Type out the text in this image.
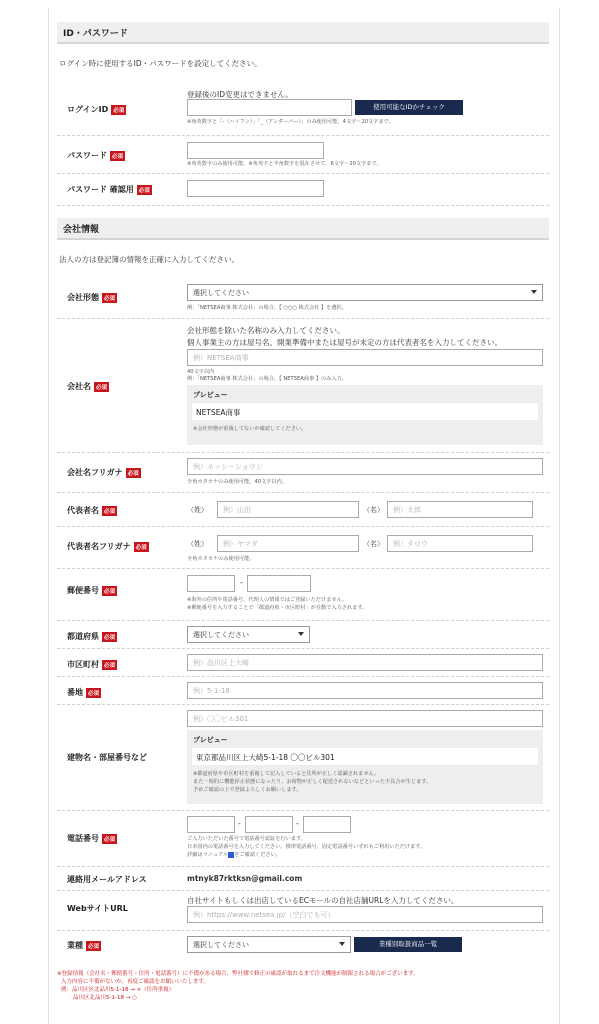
ID・パスワード
ログイン時に使用するID・パスワードを設定してください。
ログインID 必須
登録後のID変更はできません。
使用可能なIDかチェック
※角英数字と「-（ハイフン）」「_（アンダーバー）」のみ使用可能。4文字〜20文字まで。
パスワード 必須
※角英数字のみ使用可能。※角英字と半角数字を混在させて、6文字〜20文字まで。
パスワード 確認用 必須
会社情報
法人の方は登記簿の情報を正確に入力してください。
会社形態 必須
選択してください
例：「NETSEA商事 株式会社」の場合、【 ○○○ 株式会社 】を選択。
会社名 必須
会社形態を除いた名称のみ入力してください。
個人事業主の方は屋号名、開業準備中または屋号が未定の方は代表者名を入力してください。
例）NETSEA商事
40文字以内
例：「NETSEA商事 株式会社」の場合、【 NETSEA商事 】のみ入力。
プレビュー
NETSEA商事
※会社形態が重複してないか確認してください。
会社名フリガナ 必須
例）ネッシーショウジ
全角カタカナのみ使用可能。40文字以内。
代表者名 必須	（姓）	例）山田	（名）	例）太郎
代表者名フリガナ 必須	（姓）	例）ヤマダ	（名）	例）タロウ
全角カタカナのみ使用可能。
郵便番号 必須
-
※海外の住所や電話番号、代理人の情報ではご登録いただけません。
※郵便番号を入力することで「都道府県・市区町村」が自動で入力されます。
都道府県 必須	選択してください
市区町村 必須	例）品川区上大崎
番地 必須	例）5-1-18
建物名・部屋番号など
例）〇〇ビル301
プレビュー
東京都品川区上大崎5-1-18 〇〇ビル301
※都道府県や市区町村を重複して記入していると住所が正しく認識されません。
また一時的に機能停止状態になったり、お荷物が正しく配送されないなどといった不具合が生じます。
予めご確認の上で登録よろしくお願いします。
電話番号 必須
-	-
ご入力いただいた番号で電話番号認証を行います。
日本国内の電話番号を入力してください。携帯電話番号、固定電話番号いずれもご利用いただけます。
詳細はマニュアル をご確認ください。
連絡用メールアドレス	mtnyk87rktksn@gmail.com
WebサイトURL
自社サイトもしくは出店しているECモールの自社店舗URLを入力してください。
例）https://www.netsea.jp/（空白でも可）
業種 必須	選択してください	業種別取扱商品一覧
※登録情報（会社名・郵便番号・住所・電話番号）に不備がある場合、弊社側で修正の確認が取れるまで注文機能が制限される場合がございます。
入力内容に不備がないか、再度ご確認をお願いいたします。
例：品川区区北品川5-1-18 → ×（住所重複）
品川区北品川5-1-18 → ○
